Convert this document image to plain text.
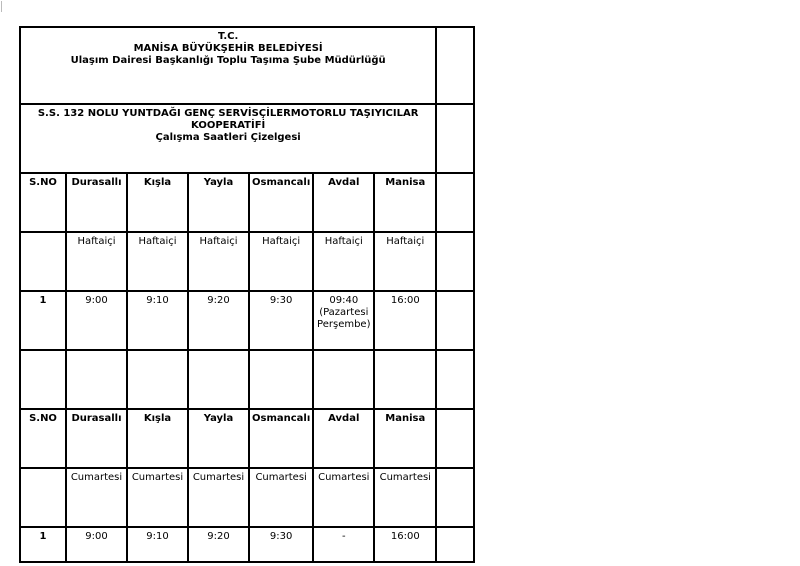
T.C.
MANİSA BÜYÜKŞEHİR BELEDİYESİ
Ulaşım Dairesi Başkanlığı Toplu Taşıma Şube Müdürlüğü							

S.S. 132 NOLU YUNTDAĞI GENÇ SERVİSÇİLERMOTORLU TAŞIYICILAR
KOOPERATİFİ
Çalışma Saatleri Çizelgesi							

S.NO	Durasallı	Kışla	Yayla	Osmancalı	Avdal	Manisa	
	Haftaiçi	Haftaiçi	Haftaiçi	Haftaiçi	Haftaiçi	Haftaiçi	
1	9:00	9:10	9:20	9:30	09:40 (Pazartesi Perşembe)	16:00	

S.NO	Durasallı	Kışla	Yayla	Osmancalı	Avdal	Manisa	
	Cumartesi	Cumartesi	Cumartesi	Cumartesi	Cumartesi	Cumartesi	
1	9:00	9:10	9:20	9:30	-	16:00	
